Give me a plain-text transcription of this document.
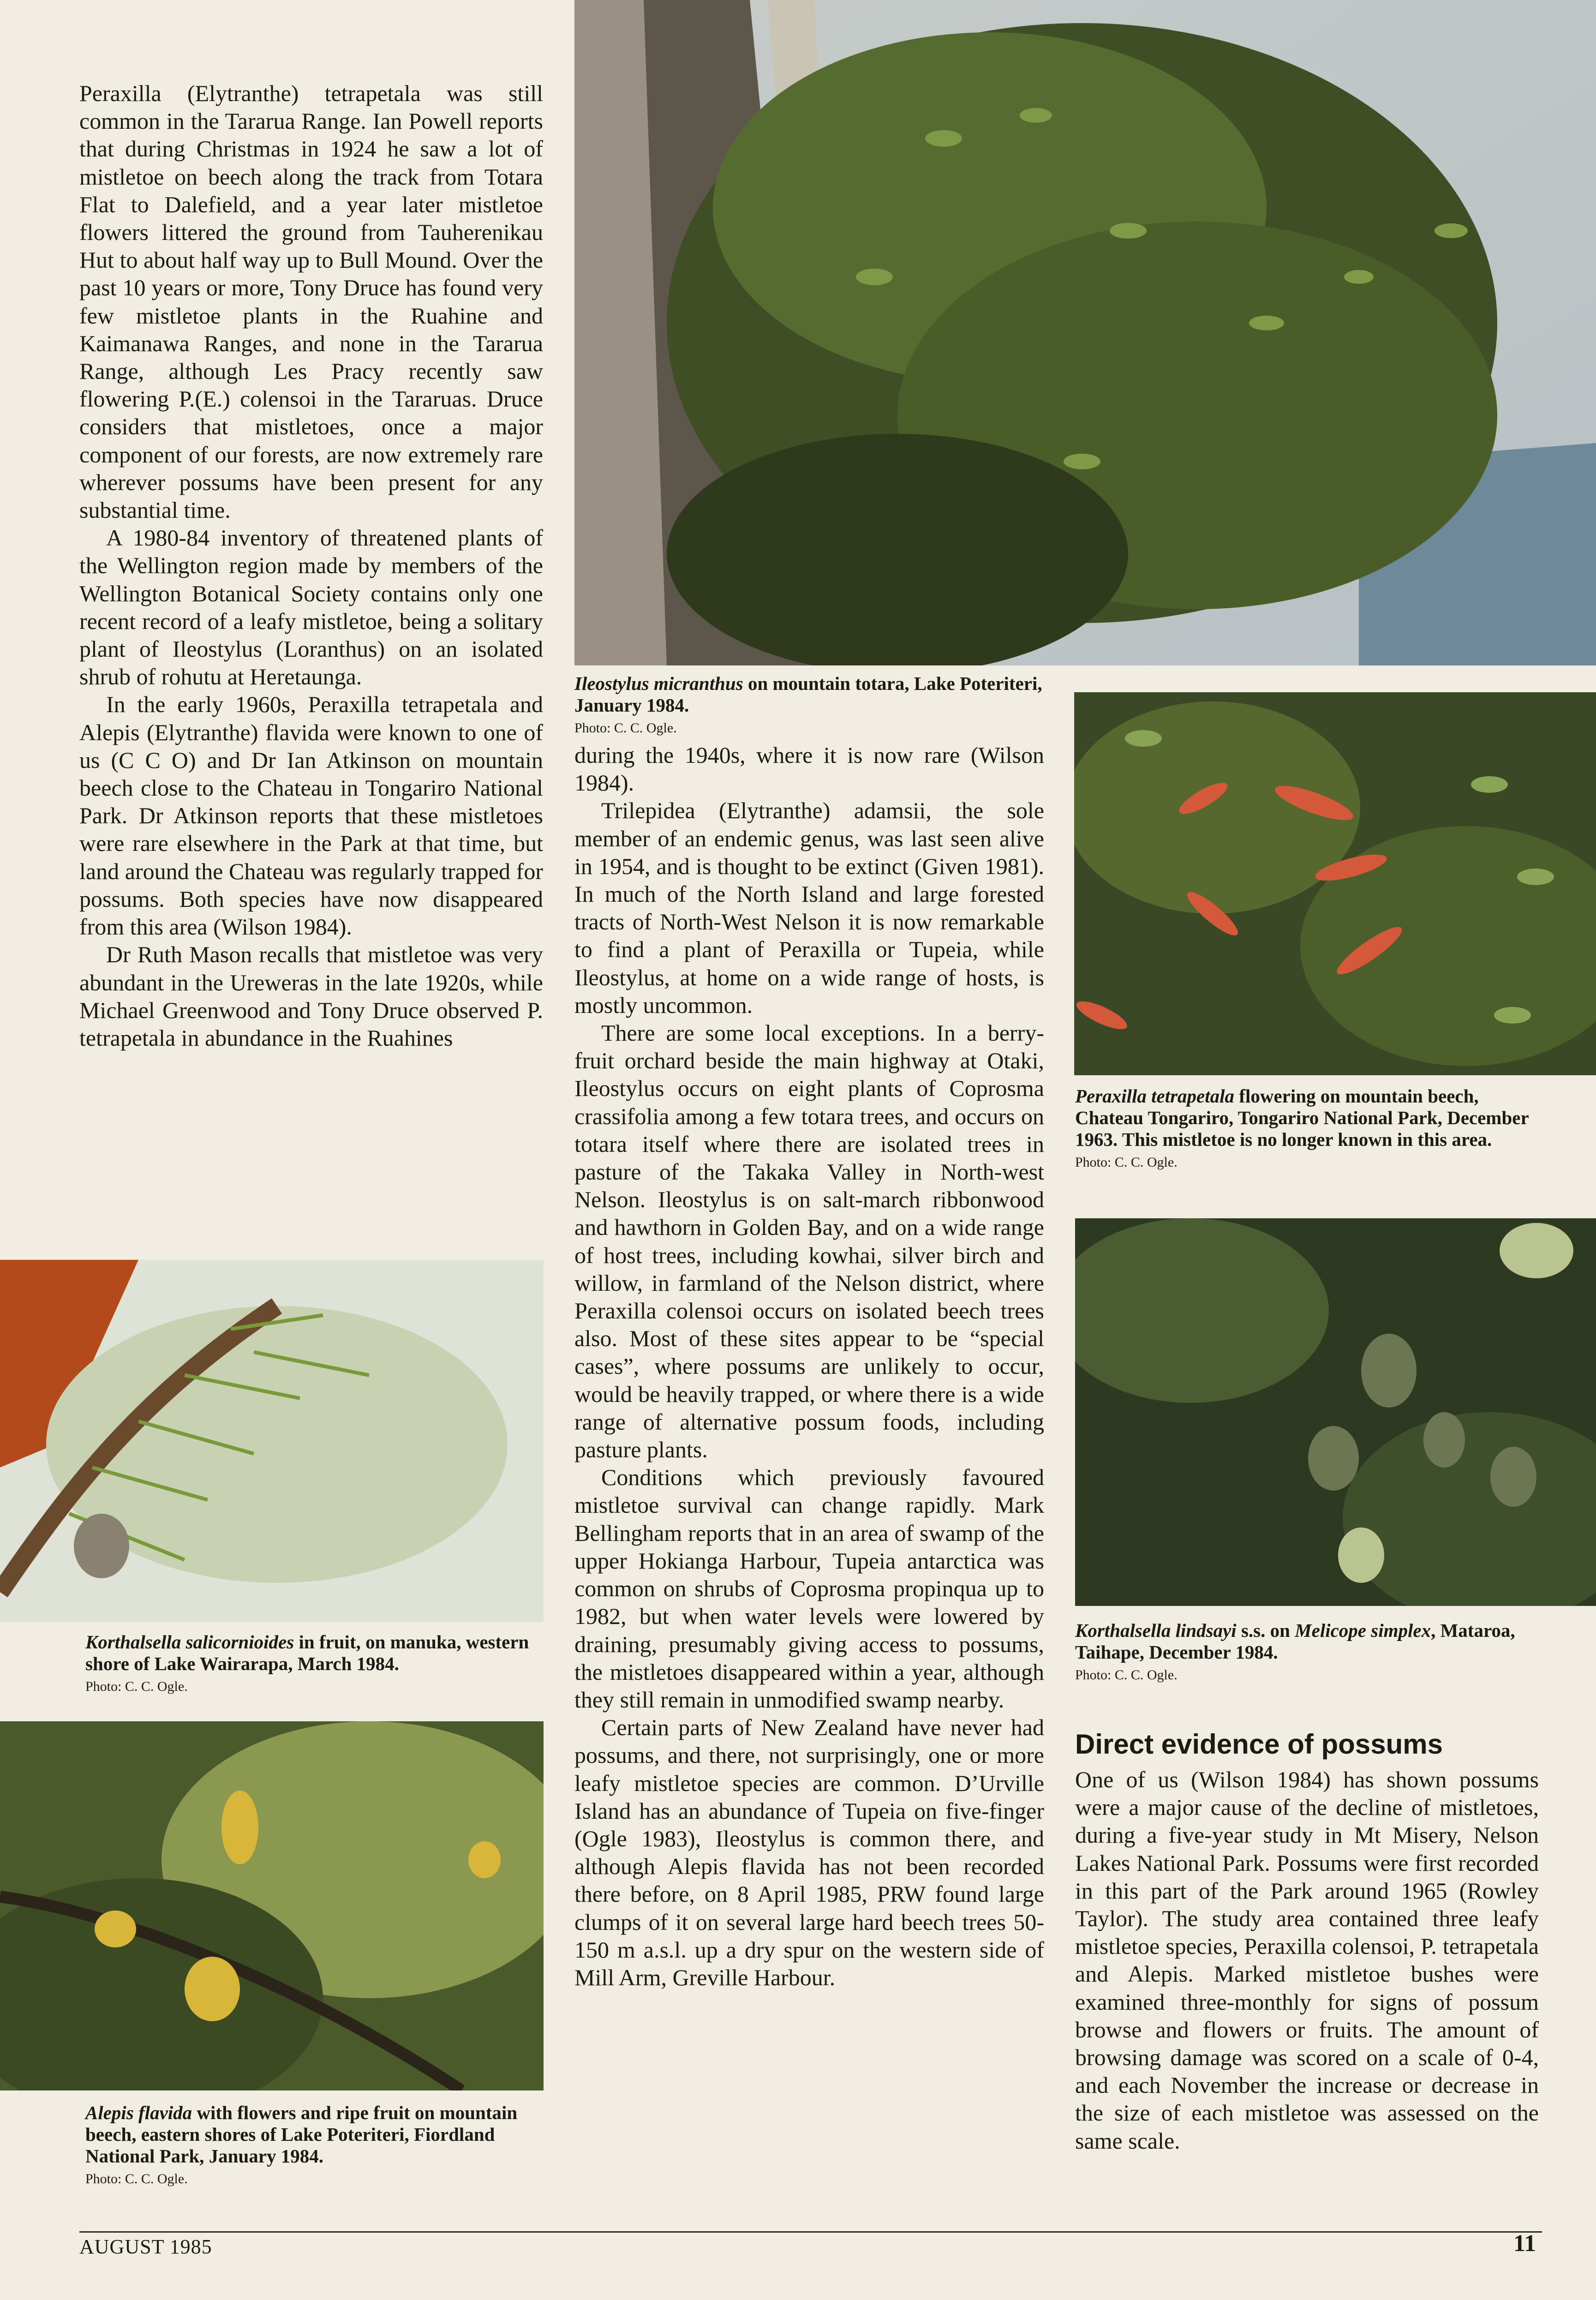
Peraxilla (Elytranthe) tetrapetala was still common in the Tararua Range. Ian Powell reports that during Christmas in 1924 he saw a lot of mistletoe on beech along the track from Totara Flat to Dalefield, and a year later mistletoe flowers littered the ground from Tauherenikau Hut to about half way up to Bull Mound. Over the past 10 years or more, Tony Druce has found very few mistletoe plants in the Ruahine and Kaimanawa Ranges, and none in the Tararua Range, although Les Pracy recently saw flowering P.(E.) colensoi in the Tararuas. Druce considers that mistletoes, once a major component of our forests, are now extremely rare wherever possums have been present for any substantial time.

A 1980-84 inventory of threatened plants of the Wellington region made by members of the Wellington Botanical Society contains only one recent record of a leafy mistletoe, being a solitary plant of Ileostylus (Loranthus) on an isolated shrub of rohutu at Heretaunga.

In the early 1960s, Peraxilla tetrapetala and Alepis (Elytranthe) flavida were known to one of us (C C O) and Dr Ian Atkinson on mountain beech close to the Chateau in Tongariro National Park. Dr Atkinson reports that these mistletoes were rare elsewhere in the Park at that time, but land around the Chateau was regularly trapped for possums. Both species have now disappeared from this area (Wilson 1984).

Dr Ruth Mason recalls that mistletoe was very abundant in the Ureweras in the late 1920s, while Michael Greenwood and Tony Druce observed P. tetrapetala in abundance in the Ruahines

Ileostylus micranthus on mountain totara, Lake Poteriteri, January 1984.
Photo: C. C. Ogle.

during the 1940s, where it is now rare (Wilson 1984).

Trilepidea (Elytranthe) adamsii, the sole member of an endemic genus, was last seen alive in 1954, and is thought to be extinct (Given 1981). In much of the North Island and large forested tracts of North-West Nelson it is now remarkable to find a plant of Peraxilla or Tupeia, while Ileostylus, at home on a wide range of hosts, is mostly uncommon.

There are some local exceptions. In a berry-fruit orchard beside the main highway at Otaki, Ileostylus occurs on eight plants of Coprosma crassifolia among a few totara trees, and occurs on totara itself where there are isolated trees in pasture of the Takaka Valley in North-west Nelson. Ileostylus is on salt-march ribbonwood and hawthorn in Golden Bay, and on a wide range of host trees, including kowhai, silver birch and willow, in farmland of the Nelson district, where Peraxilla colensoi occurs on isolated beech trees also. Most of these sites appear to be “special cases”, where possums are unlikely to occur, would be heavily trapped, or where there is a wide range of alternative possum foods, including pasture plants.

Conditions which previously favoured mistletoe survival can change rapidly. Mark Bellingham reports that in an area of swamp of the upper Hokianga Harbour, Tupeia antarctica was common on shrubs of Coprosma propinqua up to 1982, but when water levels were lowered by draining, presumably giving access to possums, the mistletoes disappeared within a year, although they still remain in unmodified swamp nearby.

Certain parts of New Zealand have never had possums, and there, not surprisingly, one or more leafy mistletoe species are common. D’Urville Island has an abundance of Tupeia on five-finger (Ogle 1983), Ileostylus is common there, and although Alepis flavida has not been recorded there before, on 8 April 1985, PRW found large clumps of it on several large hard beech trees 50-150 m a.s.l. up a dry spur on the western side of Mill Arm, Greville Harbour.

Peraxilla tetrapetala flowering on mountain beech, Chateau Tongariro, Tongariro National Park, December 1963. This mistletoe is no longer known in this area.
Photo: C. C. Ogle.
Korthalsella lindsayi s.s. on Melicope simplex, Mataroa, Taihape, December 1984.
Photo: C. C. Ogle.
Direct evidence of possums

One of us (Wilson 1984) has shown possums were a major cause of the decline of mistletoes, during a five-year study in Mt Misery, Nelson Lakes National Park. Possums were first recorded in this part of the Park around 1965 (Rowley Taylor). The study area contained three leafy mistletoe species, Peraxilla colensoi, P. tetrapetala and Alepis. Marked mistletoe bushes were examined three-monthly for signs of possum browse and flowers or fruits. The amount of browsing damage was scored on a scale of 0-4, and each November the increase or decrease in the size of each mistletoe was assessed on the same scale.

Korthalsella salicornioides in fruit, on manuka, western shore of Lake Wairarapa, March 1984.
Photo: C. C. Ogle.
Alepis flavida with flowers and ripe fruit on mountain beech, eastern shores of Lake Poteriteri, Fiordland National Park, January 1984.
Photo: C. C. Ogle.
AUGUST 1985	11
